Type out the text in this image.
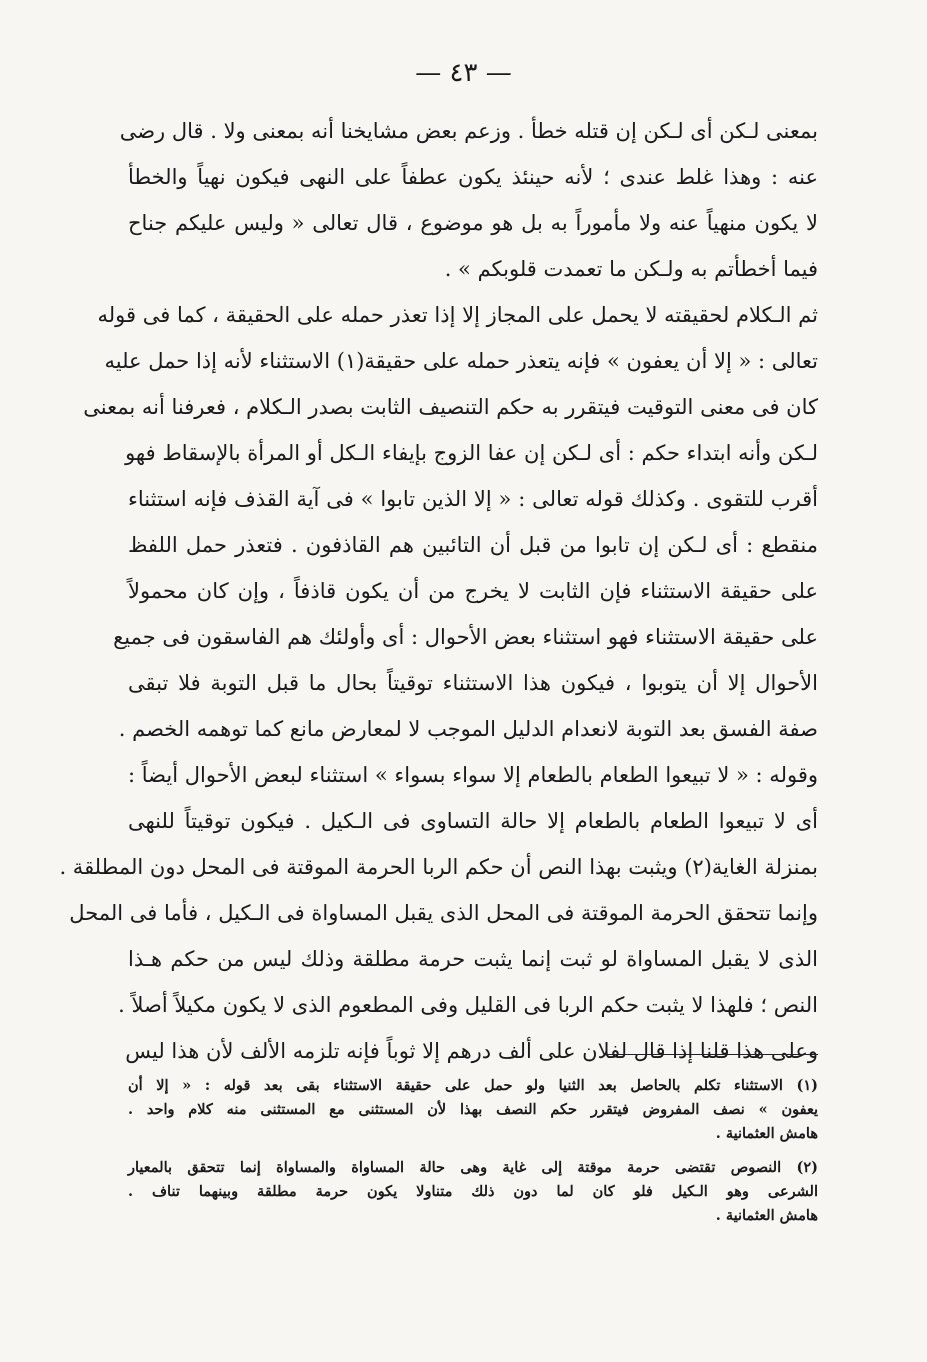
— ٤٣ —
بمعنى لـكن أى لـكن إن قتله خطأ . وزعم بعض مشايخنا أنه بمعنى ولا . قال رضى
عنه : وهذا غلط عندى ؛ لأنه حينئذ يكون عطفاً على النهى فيكون نهياً والخطأ
لا يكون منهياً عنه ولا مأموراً به بل هو موضوع ، قال تعالى « وليس عليكم جناح
فيما أخطأتم به ولـكن ما تعمدت قلوبكم » .
ثم الـكلام لحقيقته لا يحمل على المجاز إلا إذا تعذر حمله على الحقيقة ، كما فى قوله
تعالى : « إلا أن يعفون » فإنه يتعذر حمله على حقيقة(١) الاستثناء لأنه إذا حمل عليه
كان فى معنى التوقيت فيتقرر به حكم التنصيف الثابت بصدر الـكلام ، فعرفنا أنه بمعنى
لـكن وأنه ابتداء حكم : أى لـكن إن عفا الزوج بإيفاء الـكل أو المرأة بالإسقاط فهو
أقرب للتقوى . وكذلك قوله تعالى : « إلا الذين تابوا » فى آية القذف فإنه استثناء
منقطع : أى لـكن إن تابوا من قبل أن التائبين هم القاذفون . فتعذر حمل اللفظ
على حقيقة الاستثناء فإن الثابت لا يخرج من أن يكون قاذفاً ، وإن كان محمولاً
على حقيقة الاستثناء فهو استثناء بعض الأحوال : أى وأولئك هم الفاسقون فى جميع
الأحوال إلا أن يتوبوا ، فيكون هذا الاستثناء توقيتاً بحال ما قبل التوبة فلا تبقى
صفة الفسق بعد التوبة لانعدام الدليل الموجب لا لمعارض مانع كما توهمه الخصم .
وقوله : « لا تبيعوا الطعام بالطعام إلا سواء بسواء » استثناء لبعض الأحوال أيضاً :
أى لا تبيعوا الطعام بالطعام إلا حالة التساوى فى الـكيل . فيكون توقيتاً للنهى
بمنزلة الغاية(٢) ويثبت بهذا النص أن حكم الربا الحرمة الموقتة فى المحل دون المطلقة .
وإنما تتحقق الحرمة الموقتة فى المحل الذى يقبل المساواة فى الـكيل ، فأما فى المحل
الذى لا يقبل المساواة لو ثبت إنما يثبت حرمة مطلقة وذلك ليس من حكم هـذا
النص ؛ فلهذا لا يثبت حكم الربا فى القليل وفى المطعوم الذى لا يكون مكيلاً أصلاً .
وعلى هذا قلنا إذا قال لفلان على ألف درهم إلا ثوباً فإنه تلزمه الألف لأن هذا ليس
(١) الاستثناء تكلم بالحاصل بعد الثنيا ولو حمل على حقيقة الاستثناء بقى بعد قوله : « إلا أن
يعفون » نصف المفروض فيتقرر حكم النصف بهذا لأن المستثنى مع المستثنى منه كلام واحد .
هامش العثمانية .
(٢) النصوص تقتضى حرمة موقتة إلى غاية وهى حالة المساواة والمساواة إنما تتحقق بالمعيار
الشرعى وهو الـكيل فلو كان لما دون ذلك متناولا يكون حرمة مطلقة وبينهما تناف .
هامش العثمانية .
